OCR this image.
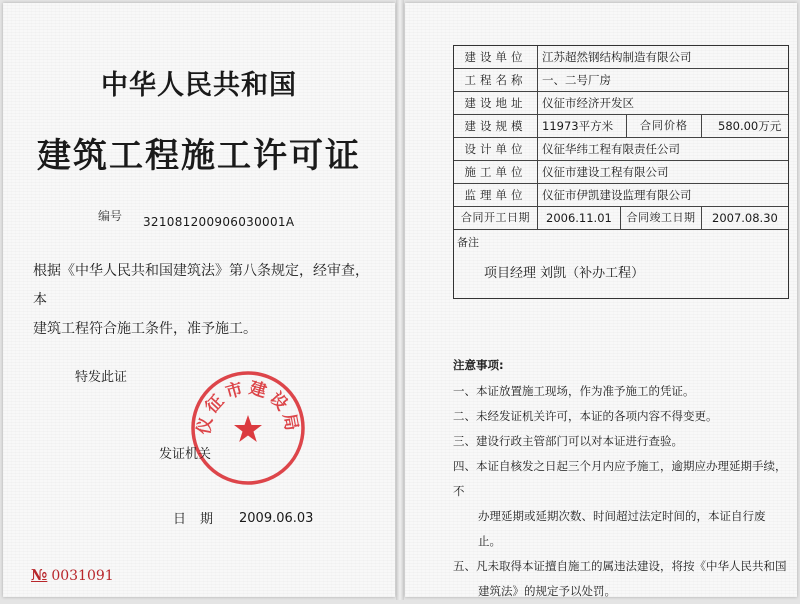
中华人民共和国
建筑工程施工许可证
编号 321081200906030001A
根据《中华人民共和国建筑法》第八条规定，经审查，本
建筑工程符合施工条件，准予施工。
特发此证
仪征市建设局
发证机关
日期 2009.06.03
№ 0031091
建设单位	江苏超然钢结构制造有限公司
工程名称	一、二号厂房
建设地址	仪征市经济开发区
建设规模	11973平方米	合同价格	580.00万元
设计单位	仪征华纬工程有限责任公司
施工单位	仪征市建设工程有限公司
监理单位	仪征市伊凯建设监理有限公司
合同开工日期	2006.11.01	合同竣工日期	2007.08.30
备注
项目经理 刘凯（补办工程）
注意事项:
一、本证放置施工现场，作为准予施工的凭证。
二、未经发证机关许可，本证的各项内容不得变更。
三、建设行政主管部门可以对本证进行查验。
四、本证自核发之日起三个月内应予施工，逾期应办理延期手续，不
办理延期或延期次数、时间超过法定时间的，本证自行废止。
五、凡未取得本证擅自施工的属违法建设，将按《中华人民共和国
建筑法》的规定予以处罚。
